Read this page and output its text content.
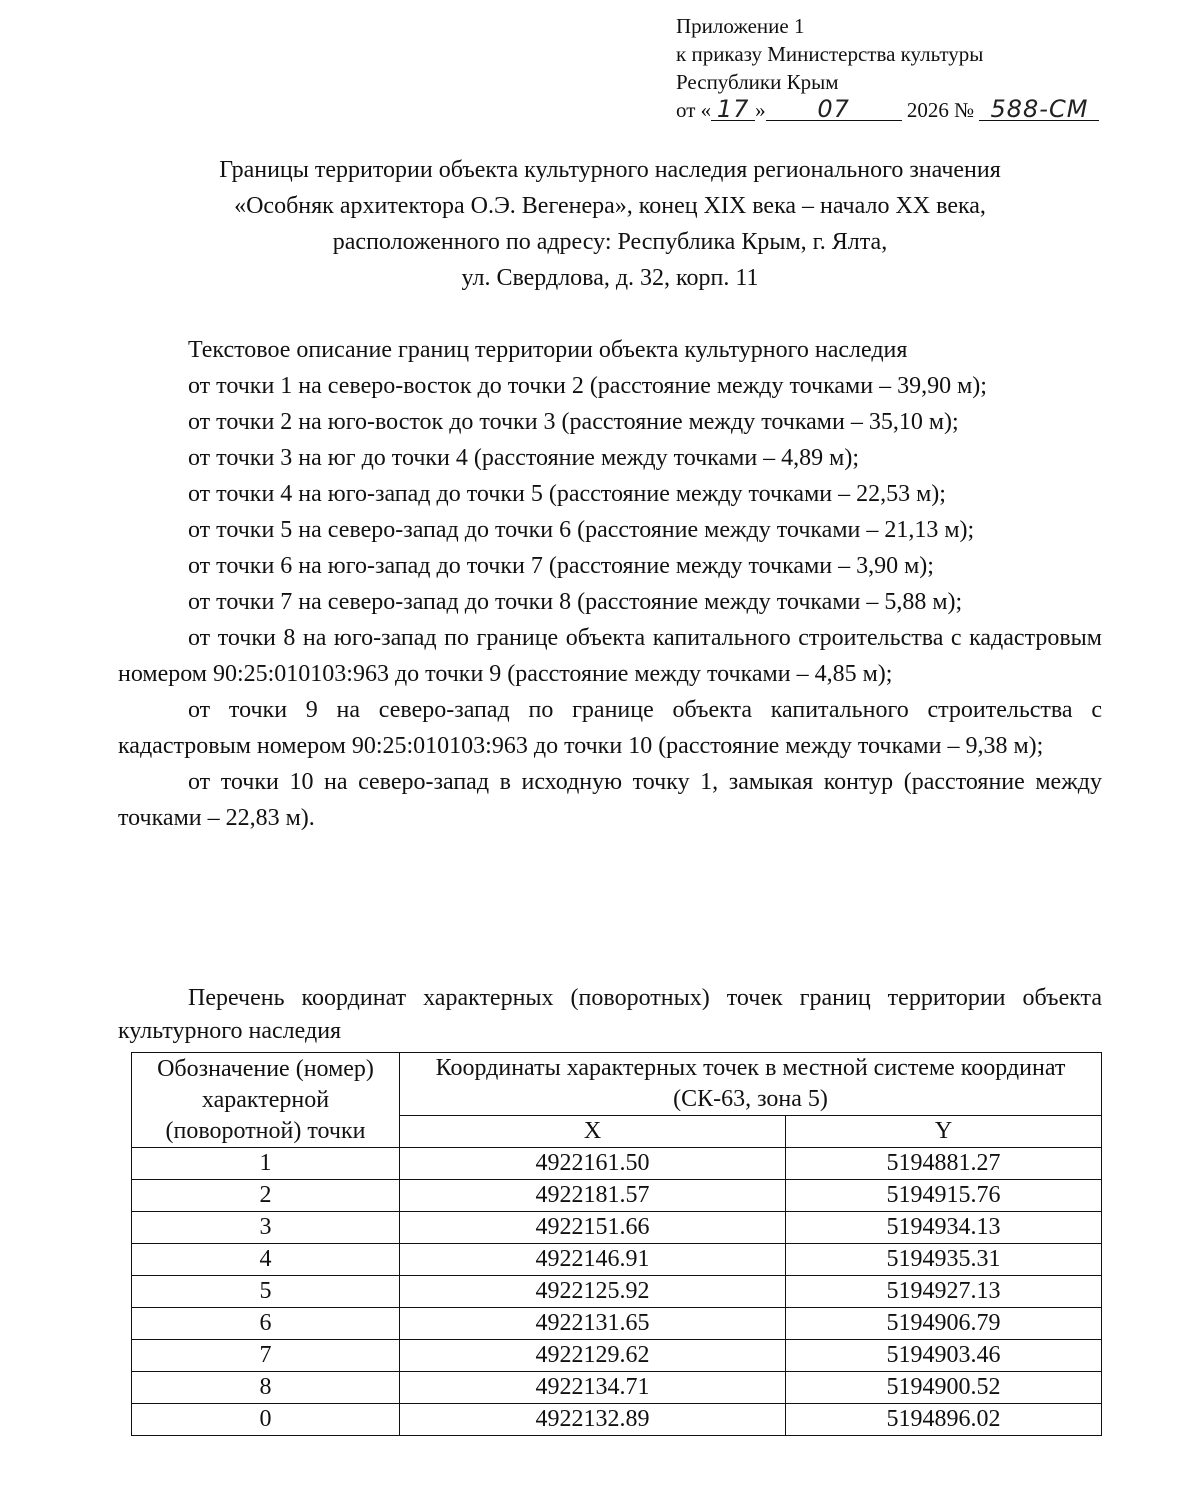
Приложение 1
к приказу Министерства культуры
Республики Крым
от « 17 » 07	2026 № 588-СМ
Границы территории объекта культурного наследия регионального значения
«Особняк архитектора О.Э. Вегенера», конец XIX века – начало XX века,
расположенного по адресу: Республика Крым, г. Ялта,
ул. Свердлова, д. 32, корп. 11

Текстовое описание границ территории объекта культурного наследия

от точки 1 на северо-восток до точки 2 (расстояние между точками – 39,90 м);

от точки 2 на юго-восток до точки 3 (расстояние между точками – 35,10 м);

от точки 3 на юг до точки 4 (расстояние между точками – 4,89 м);

от точки 4 на юго-запад до точки 5 (расстояние между точками – 22,53 м);

от точки 5 на северо-запад до точки 6 (расстояние между точками – 21,13 м);

от точки 6 на юго-запад до точки 7 (расстояние между точками – 3,90 м);

от точки 7 на северо-запад до точки 8 (расстояние между точками – 5,88 м);

от точки 8 на юго-запад по границе объекта капитального строительства с кадастровым номером 90:25:010103:963 до точки 9 (расстояние между точками – 4,85 м);

от точки 9 на северо-запад по границе объекта капитального строительства с кадастровым номером 90:25:010103:963 до точки 10 (расстояние между точками – 9,38 м);

от точки 10 на северо-запад в исходную точку 1, замыкая контур (расстояние между точками – 22,83 м).

Перечень координат характерных (поворотных) точек границ территории объекта культурного наследия

Обозначение (номер) характерной (поворотной) точки	Координаты характерных точек в местной системе координат (СК-63, зона 5)	
	X	Y
1	4922161.50	5194881.27
2	4922181.57	5194915.76
3	4922151.66	5194934.13
4	4922146.91	5194935.31
5	4922125.92	5194927.13
6	4922131.65	5194906.79
7	4922129.62	5194903.46
8	4922134.71	5194900.52
0	4922132.89	5194896.02
